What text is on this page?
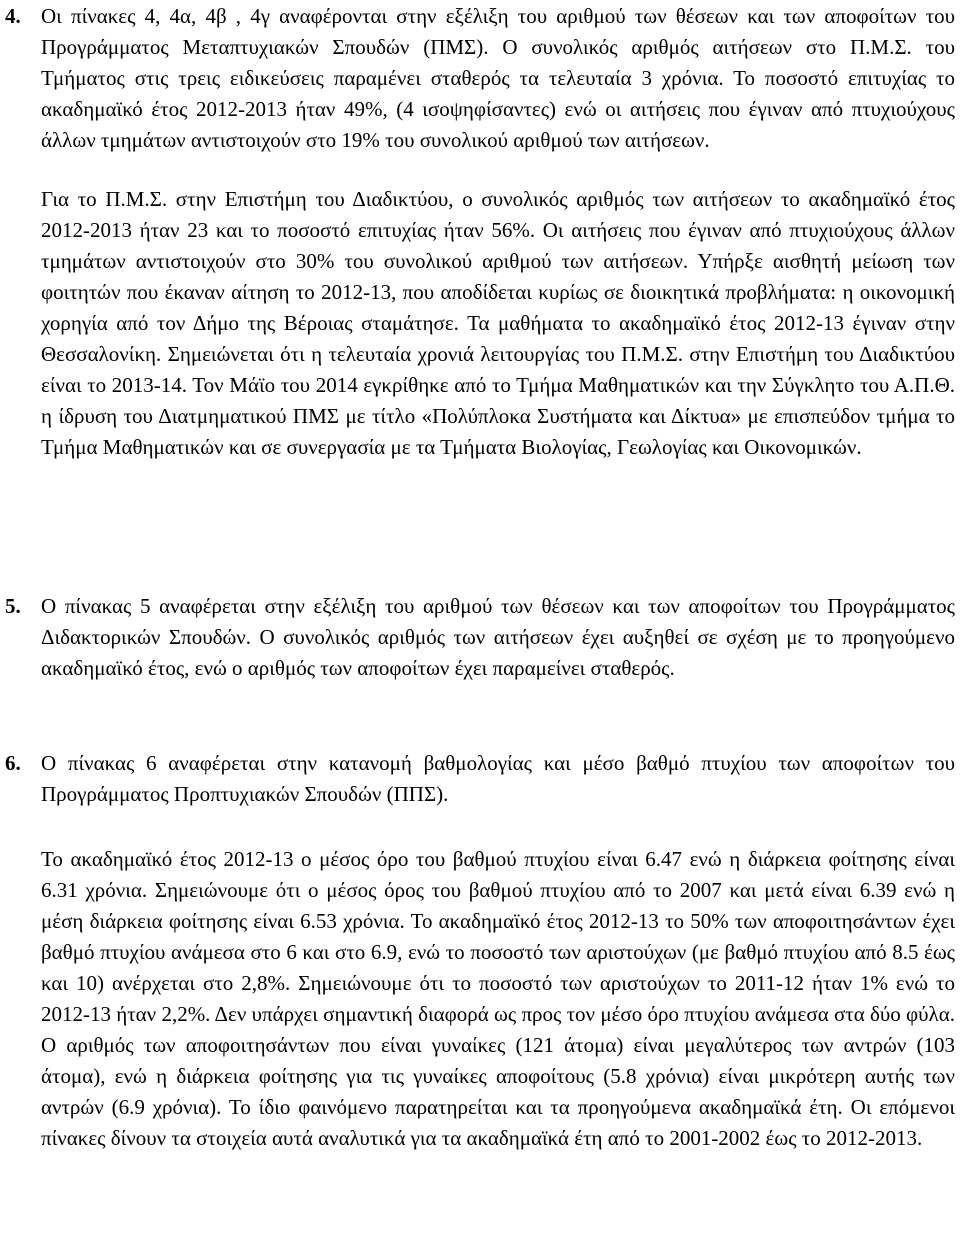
4. Οι πίνακες 4, 4α, 4β , 4γ αναφέρονται στην εξέλιξη του αριθμού των θέσεων και των αποφοίτων του Προγράμματος Μεταπτυχιακών Σπουδών (ΠΜΣ). Ο συνολικός αριθμός αιτήσεων στο Π.Μ.Σ. του Τμήματος στις τρεις ειδικεύσεις παραμένει σταθερός τα τελευταία 3 χρόνια. Το ποσοστό επιτυχίας το ακαδημαϊκό έτος 2012-2013 ήταν 49%, (4 ισοψηφίσαντες) ενώ οι αιτήσεις που έγιναν από πτυχιούχους άλλων τμημάτων αντιστοιχούν στο 19% του συνολικού αριθμού των αιτήσεων.

Για το Π.Μ.Σ. στην Επιστήμη του Διαδικτύου, ο συνολικός αριθμός των αιτήσεων το ακαδημαϊκό έτος 2012-2013 ήταν 23 και το ποσοστό επιτυχίας ήταν 56%. Οι αιτήσεις που έγιναν από πτυχιούχους άλλων τμημάτων αντιστοιχούν στο 30% του συνολικού αριθμού των αιτήσεων. Υπήρξε αισθητή μείωση των φοιτητών που έκαναν αίτηση το 2012-13, που αποδίδεται κυρίως σε διοικητικά προβλήματα: η οικονομική χορηγία από τον Δήμο της Βέροιας σταμάτησε. Τα μαθήματα το ακαδημαϊκό έτος 2012-13 έγιναν στην Θεσσαλονίκη. Σημειώνεται ότι η τελευταία χρονιά λειτουργίας του Π.Μ.Σ. στην Επιστήμη του Διαδικτύου είναι το 2013-14. Τον Μάϊο του 2014 εγκρίθηκε από το Τμήμα Μαθηματικών και την Σύγκλητο του Α.Π.Θ. η ίδρυση του Διατμηματικού ΠΜΣ με τίτλο «Πολύπλοκα Συστήματα και Δίκτυα» με επισπεύδον τμήμα το Τμήμα Μαθηματικών και σε συνεργασία με τα Τμήματα Βιολογίας, Γεωλογίας και Οικονομικών.

5. Ο πίνακας 5 αναφέρεται στην εξέλιξη του αριθμού των θέσεων και των αποφοίτων του Προγράμματος Διδακτορικών Σπουδών. Ο συνολικός αριθμός των αιτήσεων έχει αυξηθεί σε σχέση με το προηγούμενο ακαδημαϊκό έτος, ενώ ο αριθμός των αποφοίτων έχει παραμείνει σταθερός.

6. Ο πίνακας 6 αναφέρεται στην κατανομή βαθμολογίας και μέσο βαθμό πτυχίου των αποφοίτων του Προγράμματος Προπτυχιακών Σπουδών (ΠΠΣ).

Το ακαδημαϊκό έτος 2012-13 ο μέσος όρο του βαθμού πτυχίου είναι 6.47 ενώ η διάρκεια φοίτησης είναι 6.31 χρόνια. Σημειώνουμε ότι ο μέσος όρος του βαθμού πτυχίου από το 2007 και μετά είναι 6.39 ενώ η μέση διάρκεια φοίτησης είναι 6.53 χρόνια. Το ακαδημαϊκό έτος 2012-13 το 50% των αποφοιτησάντων έχει βαθμό πτυχίου ανάμεσα στο 6 και στο 6.9, ενώ το ποσοστό των αριστούχων (με βαθμό πτυχίου από 8.5 έως και 10) ανέρχεται στο 2,8%. Σημειώνουμε ότι το ποσοστό των αριστούχων το 2011-12 ήταν 1% ενώ το 2012-13 ήταν 2,2%. Δεν υπάρχει σημαντική διαφορά ως προς τον μέσο όρο πτυχίου ανάμεσα στα δύο φύλα. Ο αριθμός των αποφοιτησάντων που είναι γυναίκες (121 άτομα) είναι μεγαλύτερος των αντρών (103 άτομα), ενώ η διάρκεια φοίτησης για τις γυναίκες αποφοίτους (5.8 χρόνια) είναι μικρότερη αυτής των αντρών (6.9 χρόνια). Το ίδιο φαινόμενο παρατηρείται και τα προηγούμενα ακαδημαϊκά έτη. Οι επόμενοι πίνακες δίνουν τα στοιχεία αυτά αναλυτικά για τα ακαδημαϊκά έτη από το 2001-2002 έως το 2012-2013.
